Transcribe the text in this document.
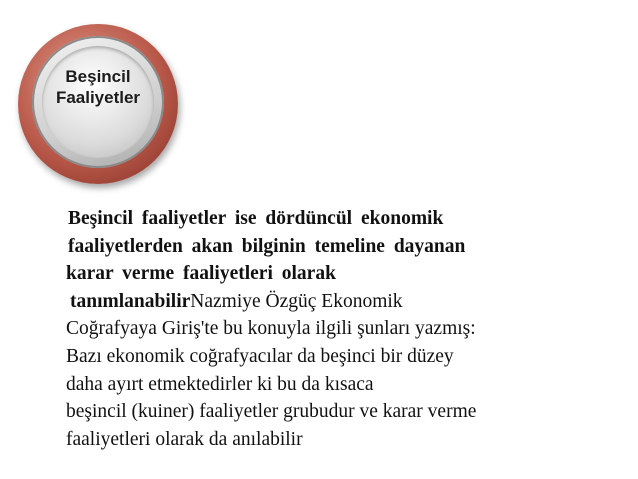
Beşincil
Faaliyetler
Beşincil faaliyetler ise dördüncül ekonomik
faaliyetlerden akan bilginin temeline dayanan
karar verme faaliyetleri olarak
tanımlanabilirNazmiye Özgüç Ekonomik
Coğrafyaya Giriş'te bu konuyla ilgili şunları yazmış:
Bazı ekonomik coğrafyacılar da beşinci bir düzey
daha ayırt etmektedirler ki bu da kısaca
beşincil (kuiner) faaliyetler grubudur ve karar verme
faaliyetleri olarak da anılabilir
